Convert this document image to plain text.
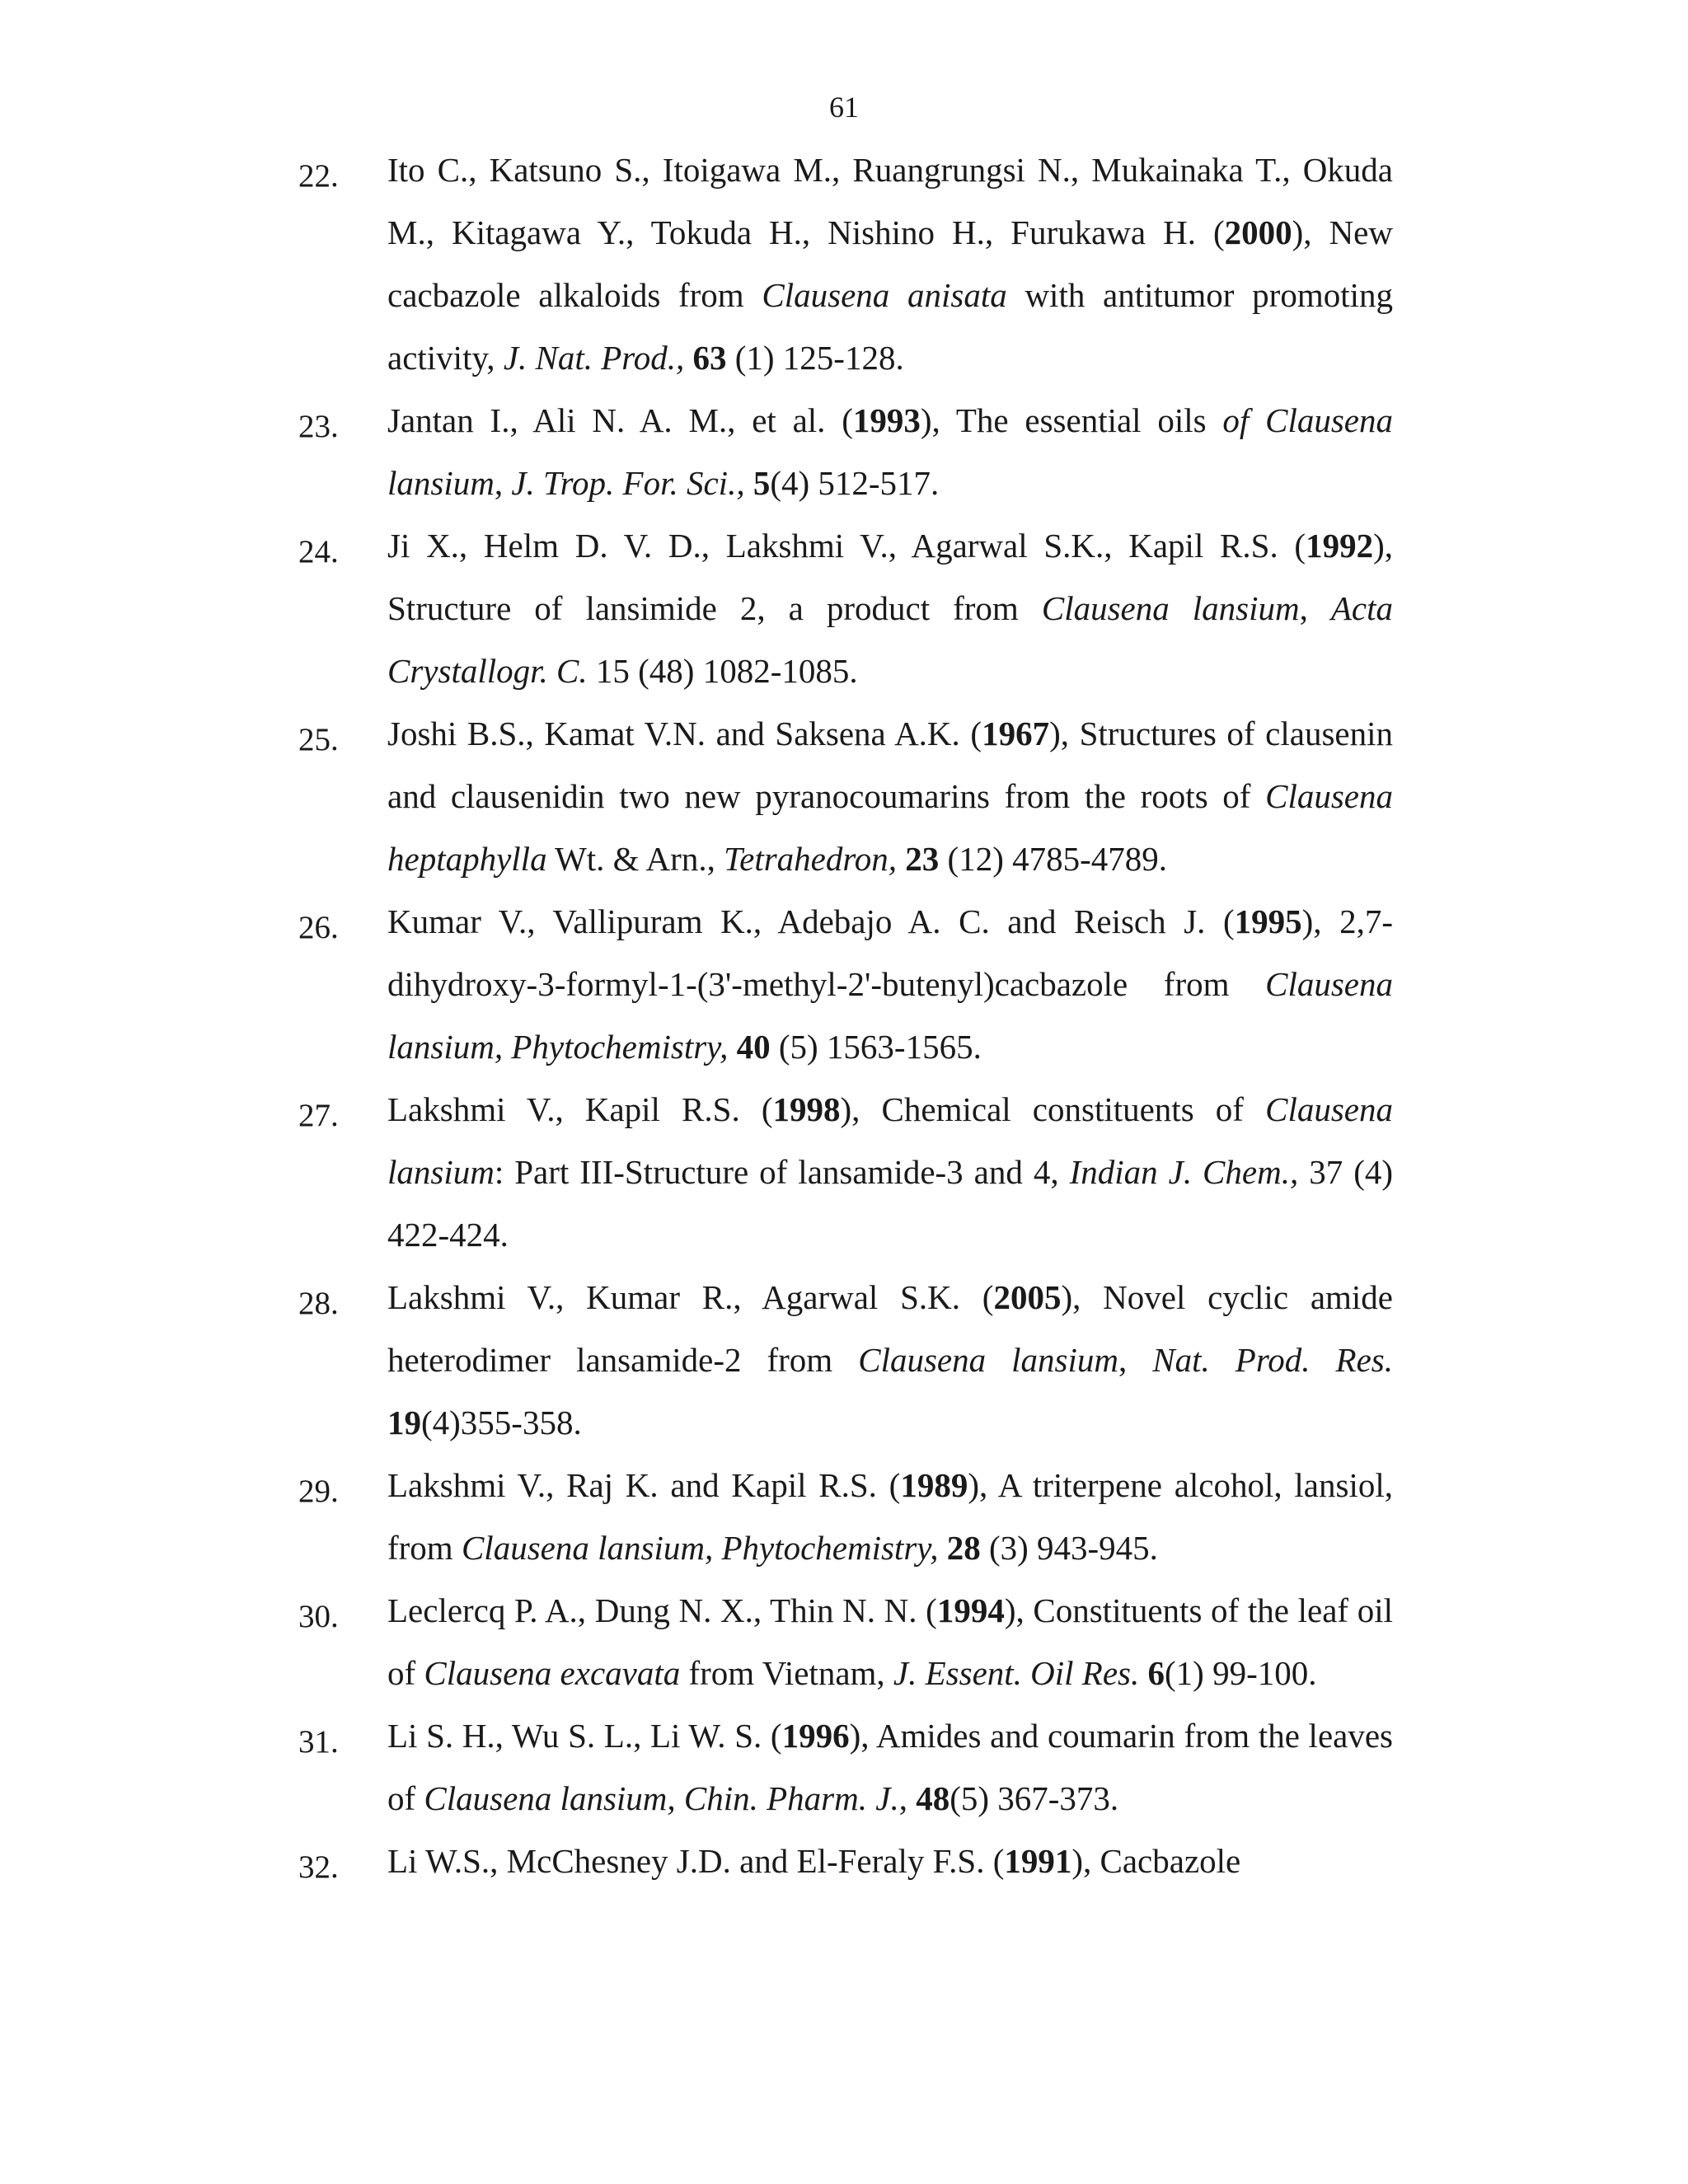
61
22. Ito C., Katsuno S., Itoigawa M., Ruangrungsi N., Mukainaka T., Okuda M., Kitagawa Y., Tokuda H., Nishino H., Furukawa H. (2000), New cacbazole alkaloids from Clausena anisata with antitumor promoting activity, J. Nat. Prod., 63 (1) 125-128.
23. Jantan I., Ali N. A. M., et al. (1993), The essential oils of Clausena lansium, J. Trop. For. Sci., 5(4) 512-517.
24. Ji X., Helm D. V. D., Lakshmi V., Agarwal S.K., Kapil R.S. (1992), Structure of lansimide 2, a product from Clausena lansium, Acta Crystallogr. C. 15 (48) 1082-1085.
25. Joshi B.S., Kamat V.N. and Saksena A.K. (1967), Structures of clausenin and clausenidin two new pyranocoumarins from the roots of Clausena heptaphylla Wt. & Arn., Tetrahedron, 23 (12) 4785-4789.
26. Kumar V., Vallipuram K., Adebajo A. C. and Reisch J. (1995), 2,7-dihydroxy-3-formyl-1-(3'-methyl-2'-butenyl)cacbazole from Clausena lansium, Phytochemistry, 40 (5) 1563-1565.
27. Lakshmi V., Kapil R.S. (1998), Chemical constituents of Clausena lansium: Part III-Structure of lansamide-3 and 4, Indian J. Chem., 37 (4) 422-424.
28. Lakshmi V., Kumar R., Agarwal S.K. (2005), Novel cyclic amide heterodimer lansamide-2 from Clausena lansium, Nat. Prod. Res. 19(4)355-358.
29. Lakshmi V., Raj K. and Kapil R.S. (1989), A triterpene alcohol, lansiol, from Clausena lansium, Phytochemistry, 28 (3) 943-945.
30. Leclercq P. A., Dung N. X., Thin N. N. (1994), Constituents of the leaf oil of Clausena excavata from Vietnam, J. Essent. Oil Res. 6(1) 99-100.
31. Li S. H., Wu S. L., Li W. S. (1996), Amides and coumarin from the leaves of Clausena lansium, Chin. Pharm. J., 48(5) 367-373.
32. Li W.S., McChesney J.D. and El-Feraly F.S. (1991), Cacbazole
